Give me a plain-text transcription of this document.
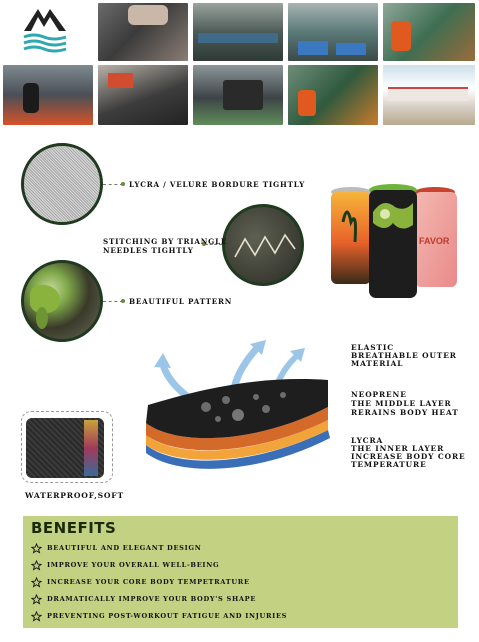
LYCRA / VELURE BORDURE TIGHTLY
STITCHING BY TRIANGLE
NEEDLES TIGHTLY
BEAUTIFUL PATTERN
FAVOR
ELASTIC
BREATHABLE OUTER
MATERIAL
NEOPRENE
THE MIDDLE LAYER
RERAINS BODY HEAT
LYCRA
THE INNER LAYER
INCREASE BODY CORE
TEMPERATURE
WATERPROOF,SOFT
BENEFITS
BEAUTIFUL AND ELEGANT DESIGN
IMPROVE YOUR OVERALL WELL-BEING
INCREASE YOUR CORE BODY TEMPETRATURE
DRAMATICALLY IMPROVE YOUR BODY'S SHAPE
PREVENTING POST-WORKOUT FATIGUE AND INJURIES
